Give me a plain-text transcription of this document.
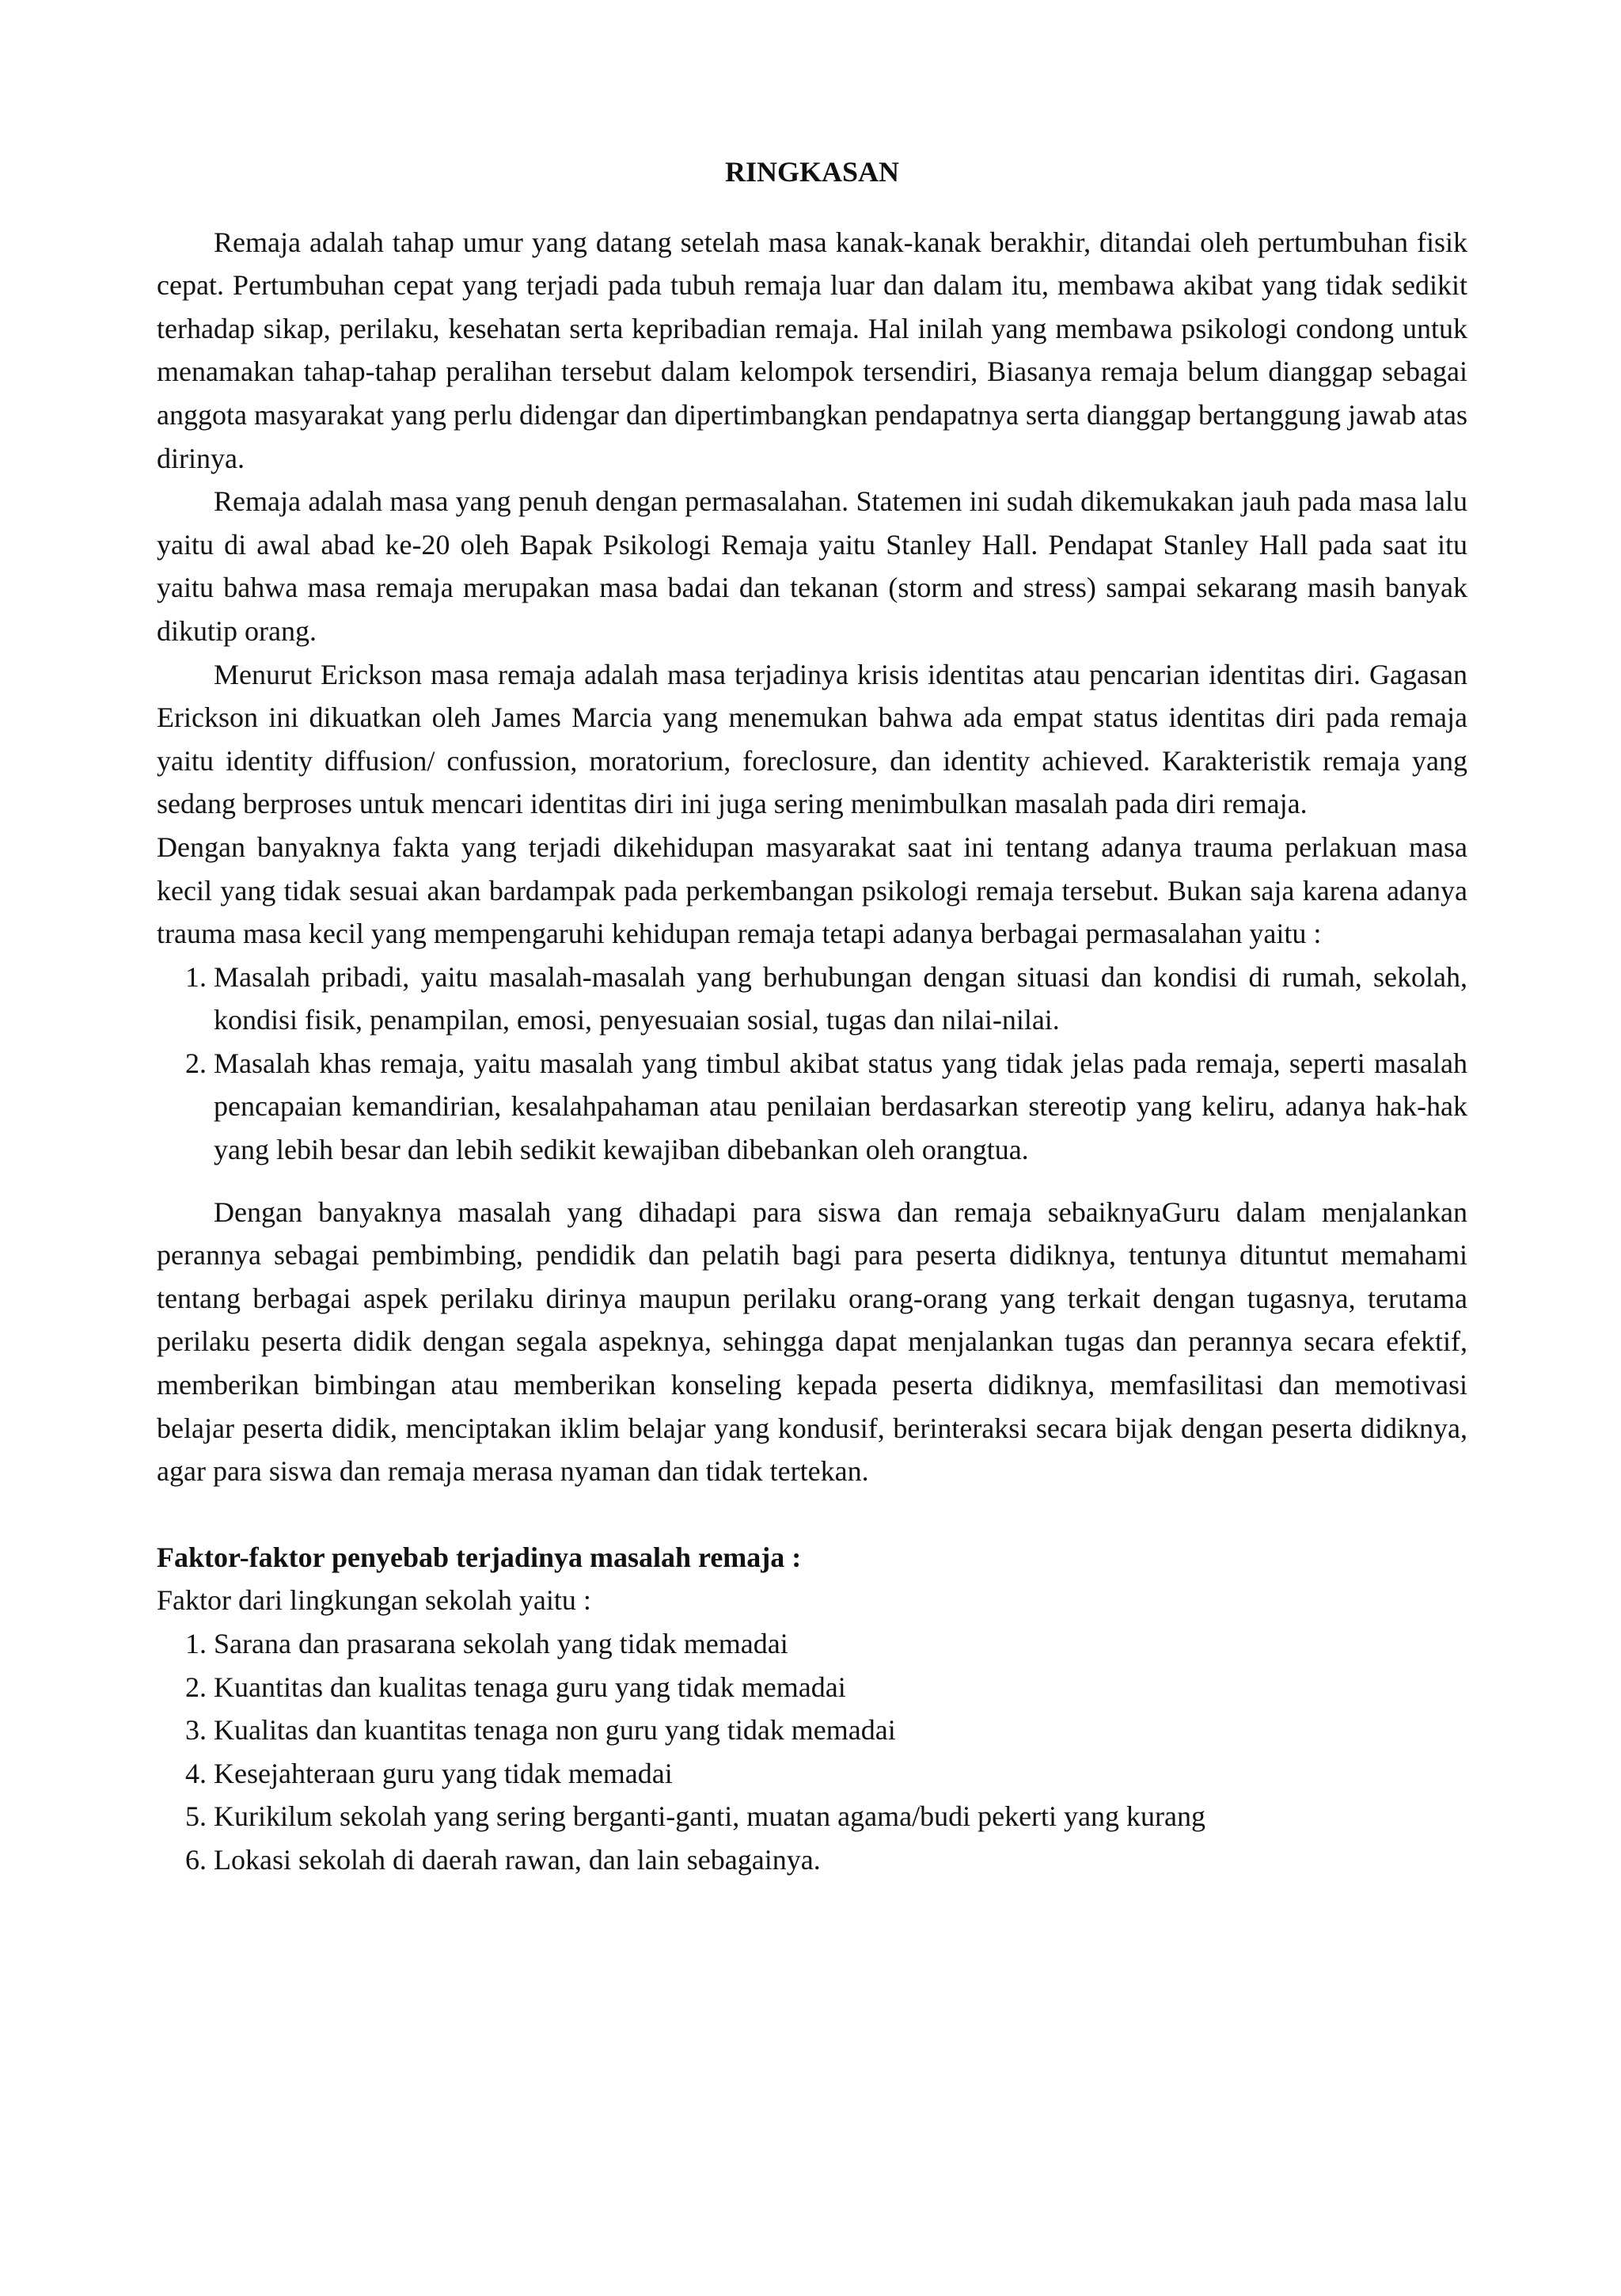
RINGKASAN

Remaja adalah tahap umur yang datang setelah masa kanak-kanak berakhir, ditandai oleh pertumbuhan fisik cepat. Pertumbuhan cepat yang terjadi pada tubuh remaja luar dan dalam itu, membawa akibat yang tidak sedikit terhadap sikap, perilaku, kesehatan serta kepribadian remaja. Hal inilah yang membawa psikologi condong untuk menamakan tahap-tahap peralihan tersebut dalam kelompok tersendiri, Biasanya remaja belum dianggap sebagai anggota masyarakat yang perlu didengar dan dipertimbangkan pendapatnya serta dianggap bertanggung jawab atas dirinya.

Remaja adalah masa yang penuh dengan permasalahan. Statemen ini sudah dikemukakan jauh pada masa lalu yaitu di awal abad ke-20 oleh Bapak Psikologi Remaja yaitu Stanley Hall. Pendapat Stanley Hall pada saat itu yaitu bahwa masa remaja merupakan masa badai dan tekanan (storm and stress) sampai sekarang masih banyak dikutip orang.

Menurut Erickson masa remaja adalah masa terjadinya krisis identitas atau pencarian identitas diri. Gagasan Erickson ini dikuatkan oleh James Marcia yang menemukan bahwa ada empat status identitas diri pada remaja yaitu identity diffusion/ confussion, moratorium, foreclosure, dan identity achieved. Karakteristik remaja yang sedang berproses untuk mencari identitas diri ini juga sering menimbulkan masalah pada diri remaja.

Dengan banyaknya fakta yang terjadi dikehidupan masyarakat saat ini tentang adanya trauma perlakuan masa kecil yang tidak sesuai akan bardampak pada perkembangan psikologi remaja tersebut. Bukan saja karena adanya trauma masa kecil yang mempengaruhi kehidupan remaja tetapi adanya berbagai permasalahan yaitu :

1. Masalah pribadi, yaitu masalah-masalah yang berhubungan dengan situasi dan kondisi di rumah, sekolah, kondisi fisik, penampilan, emosi, penyesuaian sosial, tugas dan nilai-nilai.
2. Masalah khas remaja, yaitu masalah yang timbul akibat status yang tidak jelas pada remaja, seperti masalah pencapaian kemandirian, kesalahpahaman atau penilaian berdasarkan stereotip yang keliru, adanya hak-hak yang lebih besar dan lebih sedikit kewajiban dibebankan oleh orangtua.

Dengan banyaknya masalah yang dihadapi para siswa dan remaja sebaiknyaGuru dalam menjalankan perannya sebagai pembimbing, pendidik dan pelatih bagi para peserta didiknya, tentunya dituntut memahami tentang berbagai aspek perilaku dirinya maupun perilaku orang-orang yang terkait dengan tugasnya, terutama perilaku peserta didik dengan segala aspeknya, sehingga dapat menjalankan tugas dan perannya secara efektif, memberikan bimbingan atau memberikan konseling kepada peserta didiknya, memfasilitasi dan memotivasi belajar peserta didik, menciptakan iklim belajar yang kondusif, berinteraksi secara bijak dengan peserta didiknya, agar para siswa dan remaja merasa nyaman dan tidak tertekan.

Faktor-faktor penyebab terjadinya masalah remaja :
Faktor dari lingkungan sekolah yaitu :
1. Sarana dan prasarana sekolah yang tidak memadai
2. Kuantitas dan kualitas tenaga guru yang tidak memadai
3. Kualitas dan kuantitas tenaga non guru yang tidak memadai
4. Kesejahteraan guru yang tidak memadai
5. Kurikilum sekolah yang sering berganti-ganti, muatan agama/budi pekerti yang kurang
6. Lokasi sekolah di daerah rawan, dan lain sebagainya.
